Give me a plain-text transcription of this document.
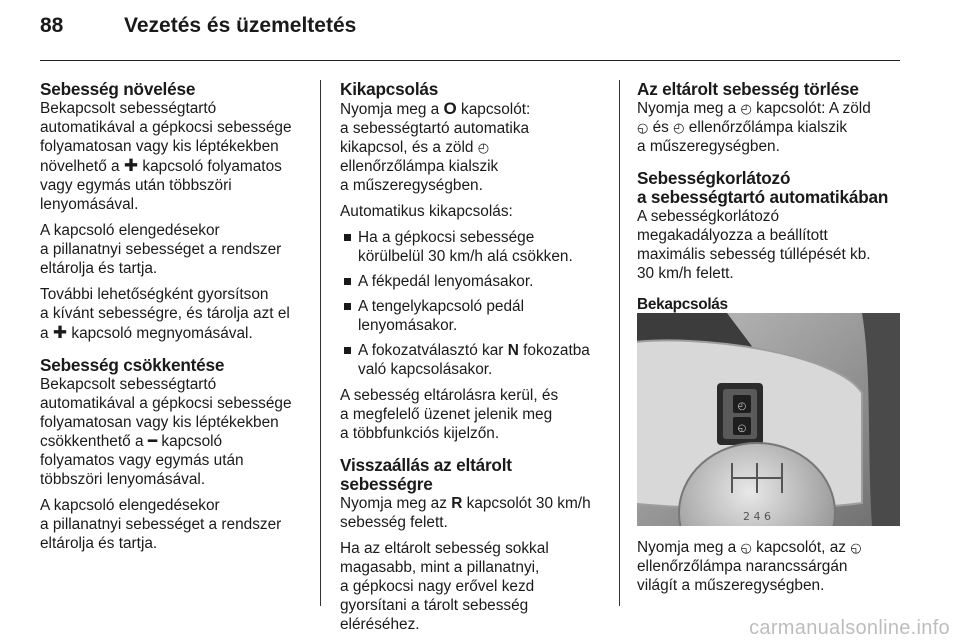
88	Vezetés és üzemeltetés
Sebesség növelése

Bekapcsolt sebességtartó
automatikával a gépkocsi sebessége
folyamatosan vagy kis léptékekben
növelhető a ✚ kapcsoló folyamatos
vagy egymás után többszöri
lenyomásával.

A kapcsoló elengedésekor
a pillanatnyi sebességet a rendszer
eltárolja és tartja.

További lehetőségként gyorsítson
a kívánt sebességre, és tárolja azt el
a ✚ kapcsoló megnyomásával.

Sebesség csökkentése

Bekapcsolt sebességtartó
automatikával a gépkocsi sebessége
folyamatosan vagy kis léptékekben
csökkenthető a ━ kapcsoló
folyamatos vagy egymás után
többszöri lenyomásával.

A kapcsoló elengedésekor
a pillanatnyi sebességet a rendszer
eltárolja és tartja.

Kikapcsolás

Nyomja meg a O kapcsolót:
a sebességtartó automatika
kikapcsol, és a zöld ◴
ellenőrzőlámpa kialszik
a műszeregységben.

Automatikus kikapcsolás:

Ha a gépkocsi sebessége
körülbelül 30 km/h alá csökken.
A fékpedál lenyomásakor.
A tengelykapcsoló pedál
lenyomásakor.
A fokozatválasztó kar N fokozatba
való kapcsolásakor.

A sebesség eltárolásra kerül, és
a megfelelő üzenet jelenik meg
a többfunkciós kijelzőn.

Visszaállás az eltárolt
sebességre

Nyomja meg az R kapcsolót 30 km/h
sebesség felett.

Ha az eltárolt sebesség sokkal
magasabb, mint a pillanatnyi,
a gépkocsi nagy erővel kezd
gyorsítani a tárolt sebesség
eléréséhez.

Az eltárolt sebesség törlése

Nyomja meg a ◴ kapcsolót: A zöld
◵ és ◴ ellenőrzőlámpa kialszik
a műszeregységben.

Sebességkorlátozó
a sebességtartó automatikában

A sebességkorlátozó
megakadályozza a beállított
maximális sebesség túllépését kb.
30 km/h felett.

Bekapcsolás
◴
◵
2 4 6

Nyomja meg a ◵ kapcsolót, az ◵
ellenőrzőlámpa narancssárgán
világít a műszeregységben.

carmanualsonline.info
